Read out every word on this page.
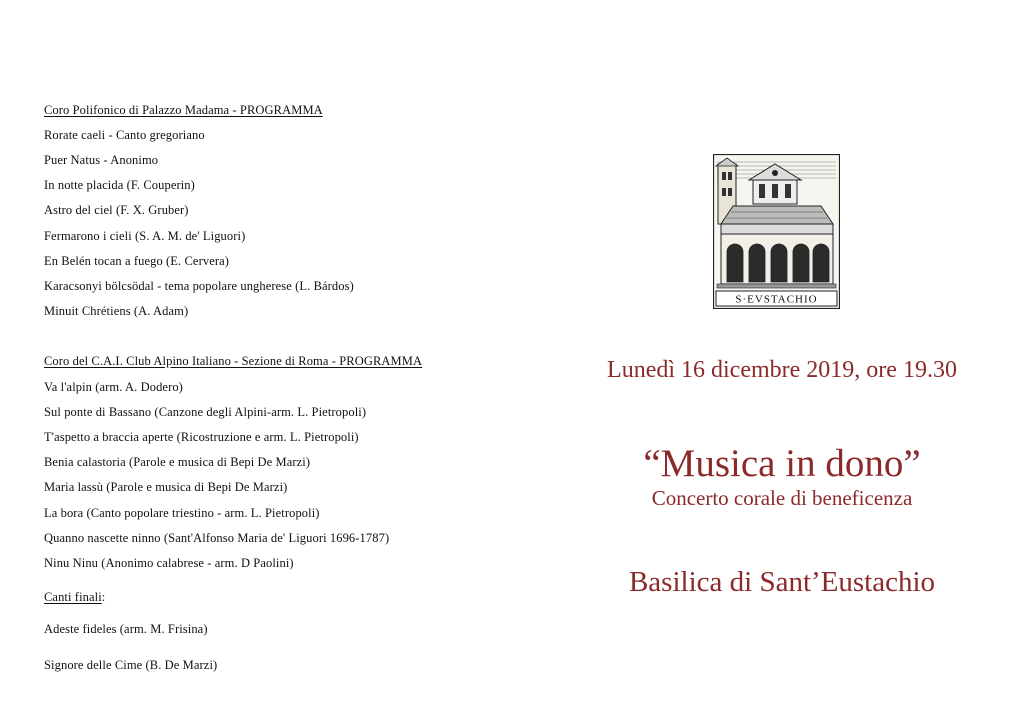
Coro Polifonico di Palazzo Madama - PROGRAMMA
Rorate caeli - Canto gregoriano
Puer Natus - Anonimo
In notte placida (F. Couperin)
Astro del ciel (F. X. Gruber)
Fermarono i cieli (S. A. M. de' Liguori)
En Belén tocan a fuego (E. Cervera)
Karacsonyi bölcsödal - tema popolare ungherese (L. Bárdos)
Minuit Chrétiens (A. Adam)
Coro del C.A.I. Club Alpino Italiano - Sezione di Roma - PROGRAMMA
Va l'alpin (arm. A. Dodero)
Sul ponte di Bassano (Canzone degli Alpini-arm. L. Pietropoli)
T'aspetto a braccia aperte (Ricostruzione e arm. L. Pietropoli)
Benia calastoria (Parole e musica di Bepi De Marzi)
Maria lassù (Parole e musica di Bepi De Marzi)
La bora (Canto popolare triestino - arm. L. Pietropoli)
Quanno nascette ninno (Sant'Alfonso Maria de' Liguori 1696-1787)
Ninu Ninu (Anonimo calabrese - arm. D Paolini)
Canti finali:
Adeste fideles (arm. M. Frisina)
Signore delle Cime (B. De Marzi)
S·EVSTACHIO
Lunedì 16 dicembre 2019, ore 19.30
“Musica in dono”
Concerto corale di beneficenza
Basilica di Sant’Eustachio
